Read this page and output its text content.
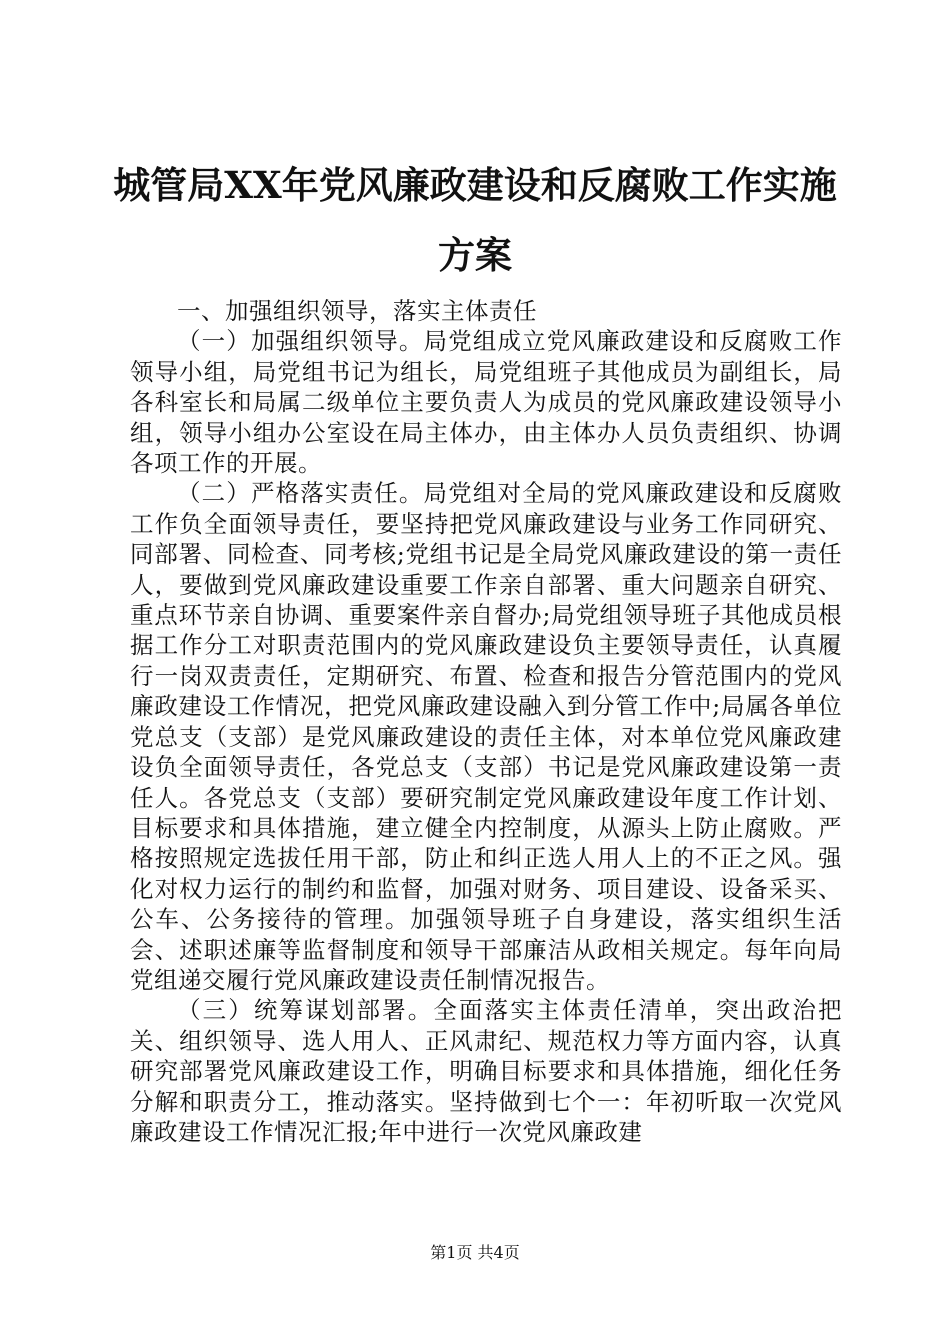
城管局XX年党风廉政建设和反腐败工作实施方案

一、加强组织领导，落实主体责任

（一）加强组织领导。局党组成立党风廉政建设和反腐败工作领导小组，局党组书记为组长，局党组班子其他成员为副组长，局各科室长和局属二级单位主要负责人为成员的党风廉政建设领导小组，领导小组办公室设在局主体办，由主体办人员负责组织、协调各项工作的开展。

（二）严格落实责任。局党组对全局的党风廉政建设和反腐败工作负全面领导责任，要坚持把党风廉政建设与业务工作同研究、同部署、同检查、同考核;党组书记是全局党风廉政建设的第一责任人，要做到党风廉政建设重要工作亲自部署、重大问题亲自研究、重点环节亲自协调、重要案件亲自督办;局党组领导班子其他成员根据工作分工对职责范围内的党风廉政建设负主要领导责任，认真履行一岗双责责任，定期研究、布置、检查和报告分管范围内的党风廉政建设工作情况，把党风廉政建设融入到分管工作中;局属各单位党总支（支部）是党风廉政建设的责任主体，对本单位党风廉政建设负全面领导责任，各党总支（支部）书记是党风廉政建设第一责任人。各党总支（支部）要研究制定党风廉政建设年度工作计划、目标要求和具体措施，建立健全内控制度，从源头上防止腐败。严格按照规定选拔任用干部，防止和纠正选人用人上的不正之风。强化对权力运行的制约和监督，加强对财务、项目建设、设备采买、公车、公务接待的管理。加强领导班子自身建设，落实组织生活会、述职述廉等监督制度和领导干部廉洁从政相关规定。每年向局党组递交履行党风廉政建设责任制情况报告。

（三）统筹谋划部署。全面落实主体责任清单，突出政治把关、组织领导、选人用人、正风肃纪、规范权力等方面内容，认真研究部署党风廉政建设工作，明确目标要求和具体措施，细化任务分解和职责分工，推动落实。坚持做到七个一：年初听取一次党风廉政建设工作情况汇报;年中进行一次党风廉政建

第1页 共4页
